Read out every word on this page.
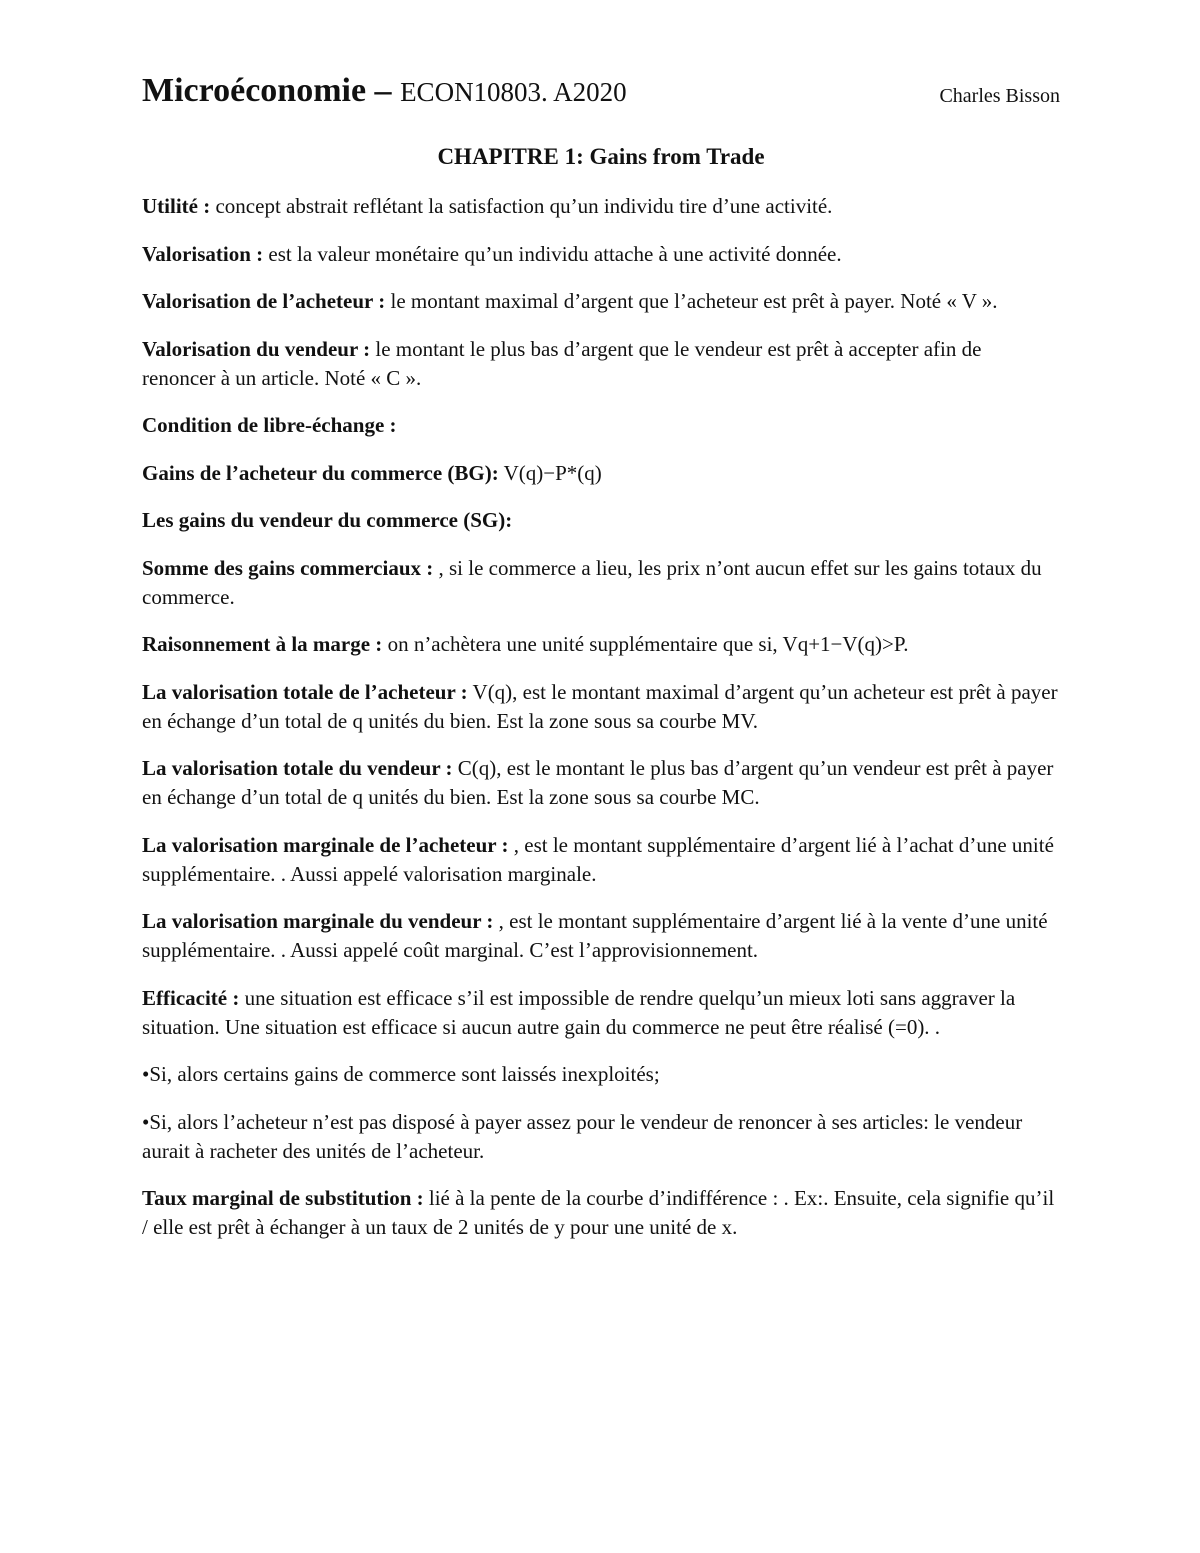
Microéconomie – ECON10803. A2020	Charles Bisson
CHAPITRE 1: Gains from Trade

Utilité : concept abstrait reflétant la satisfaction qu’un individu tire d’une activité.

Valorisation : est la valeur monétaire qu’un individu attache à une activité donnée.

Valorisation de l’acheteur : le montant maximal d’argent que l’acheteur est prêt à payer. Noté « V ».

Valorisation du vendeur : le montant le plus bas d’argent que le vendeur est prêt à accepter afin de renoncer à un article. Noté « C ».

Condition de libre-échange :

Gains de l’acheteur du commerce (BG): V(q)−P*(q)

Les gains du vendeur du commerce (SG):

Somme des gains commerciaux : , si le commerce a lieu, les prix n’ont aucun effet sur les gains totaux du commerce.

Raisonnement à la marge : on n’achètera une unité supplémentaire que si, Vq+1−V(q)>P.

La valorisation totale de l’acheteur : V(q), est le montant maximal d’argent qu’un acheteur est prêt à payer en échange d’un total de q unités du bien. Est la zone sous sa courbe MV.

La valorisation totale du vendeur : C(q), est le montant le plus bas d’argent qu’un vendeur est prêt à payer en échange d’un total de q unités du bien. Est la zone sous sa courbe MC.

La valorisation marginale de l’acheteur : , est le montant supplémentaire d’argent lié à l’achat d’une unité supplémentaire. . Aussi appelé valorisation marginale.

La valorisation marginale du vendeur : , est le montant supplémentaire d’argent lié à la vente d’une unité supplémentaire. . Aussi appelé coût marginal. C’est l’approvisionnement.

Efficacité : une situation est efficace s’il est impossible de rendre quelqu’un mieux loti sans aggraver la situation. Une situation est efficace si aucun autre gain du commerce ne peut être réalisé (=0). .

•Si, alors certains gains de commerce sont laissés inexploités;

•Si, alors l’acheteur n’est pas disposé à payer assez pour le vendeur de renoncer à ses articles: le vendeur aurait à racheter des unités de l’acheteur.

Taux marginal de substitution : lié à la pente de la courbe d’indifférence : . Ex:. Ensuite, cela signifie qu’il / elle est prêt à échanger à un taux de 2 unités de y pour une unité de x.
